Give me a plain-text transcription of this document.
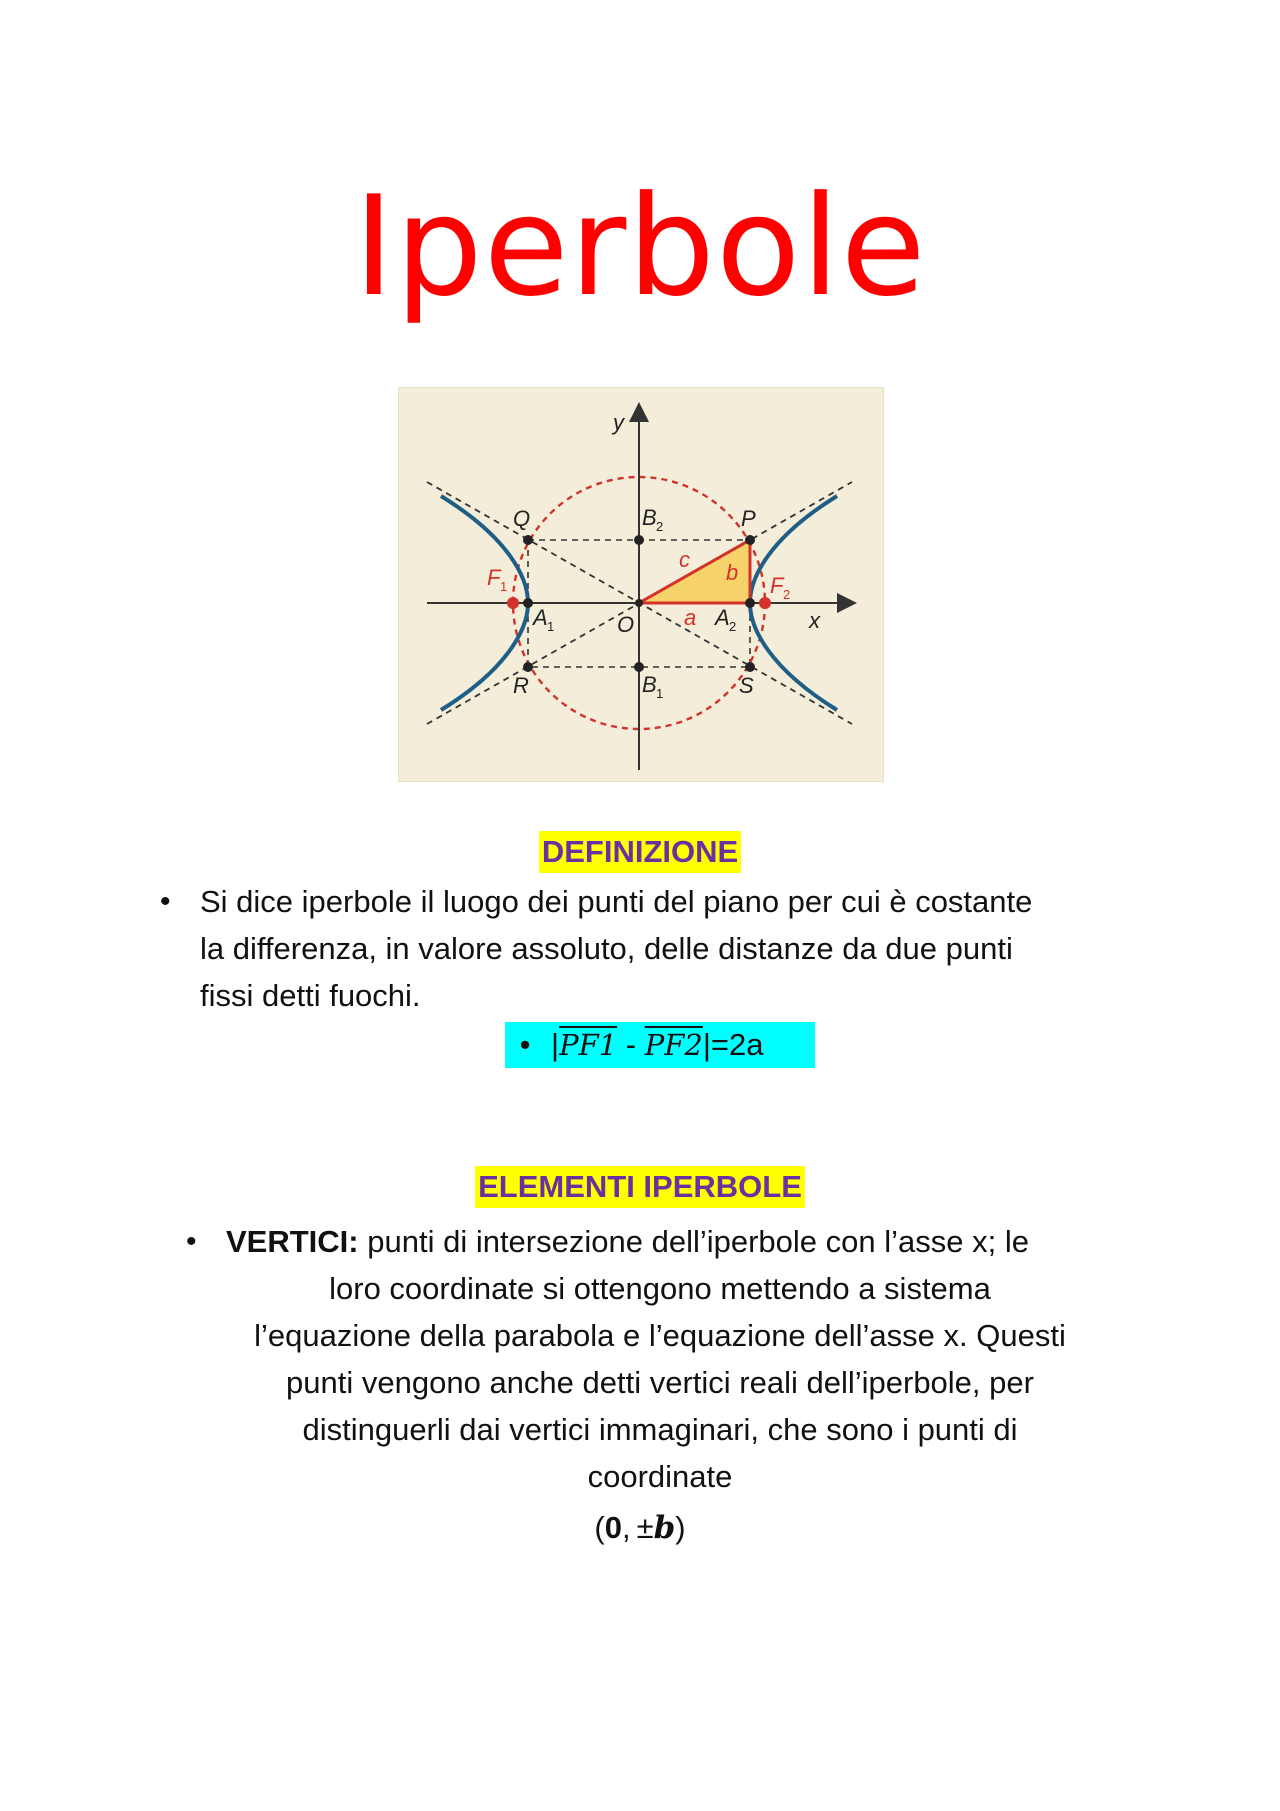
Iperbole
y
x
O
Q	P
R	S
B 2
B 1
A 1	A 2
F 1	F 2
a
b
c
DEFINIZIONE
• Si dice iperbole il luogo dei punti del piano per cui è costante
la differenza, in valore assoluto, delle distanze da due punti
fissi detti fuochi.
• |PF1 - PF2|=2a
ELEMENTI IPERBOLE
• VERTICI: punti di intersezione dell’iperbole con l’asse x; le
loro coordinate si ottengono mettendo a sistema
l’equazione della parabola e l’equazione dell’asse x. Questi
punti vengono anche detti vertici reali dell’iperbole, per
distinguerli dai vertici immaginari, che sono i punti di
coordinate
(0, ±b)
